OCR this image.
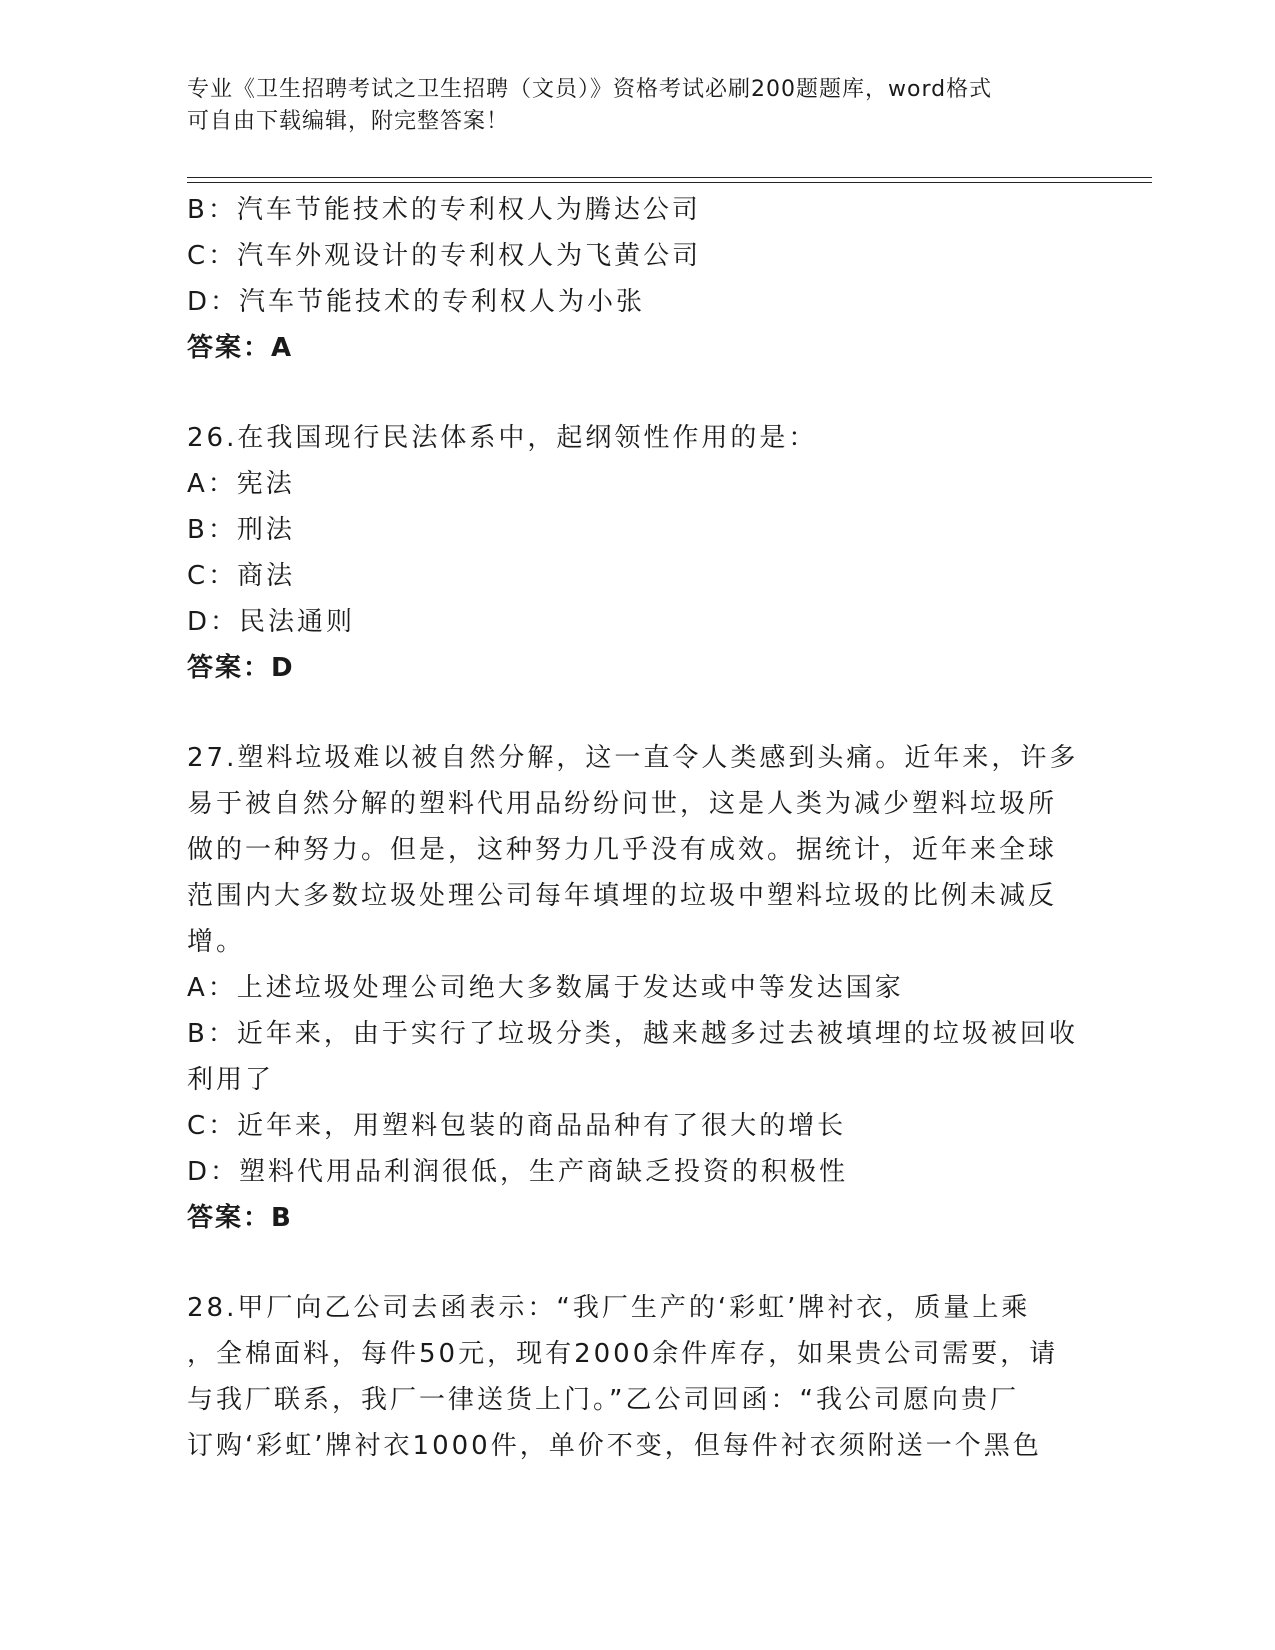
专业《卫生招聘考试之卫生招聘（文员）》资格考试必刷200题题库，word格式
可自由下载编辑，附完整答案！
B：汽车节能技术的专利权人为腾达公司
C：汽车外观设计的专利权人为飞黄公司
D：汽车节能技术的专利权人为小张
答案：A
26.在我国现行民法体系中，起纲领性作用的是：
A：宪法
B：刑法
C：商法
D：民法通则
答案：D
27.塑料垃圾难以被自然分解，这一直令人类感到头痛。近年来，许多
易于被自然分解的塑料代用品纷纷问世，这是人类为减少塑料垃圾所
做的一种努力。但是，这种努力几乎没有成效。据统计，近年来全球
范围内大多数垃圾处理公司每年填埋的垃圾中塑料垃圾的比例未减反
增。
A：上述垃圾处理公司绝大多数属于发达或中等发达国家
B：近年来，由于实行了垃圾分类，越来越多过去被填埋的垃圾被回收
利用了
C：近年来，用塑料包装的商品品种有了很大的增长
D：塑料代用品利润很低，生产商缺乏投资的积极性
答案：B
28.甲厂向乙公司去函表示：“我厂生产的‘彩虹’牌衬衣，质量上乘
，全棉面料，每件50元，现有2000余件库存，如果贵公司需要，请
与我厂联系，我厂一律送货上门。”乙公司回函：“我公司愿向贵厂
订购‘彩虹’牌衬衣1000件，单价不变，但每件衬衣须附送一个黑色
